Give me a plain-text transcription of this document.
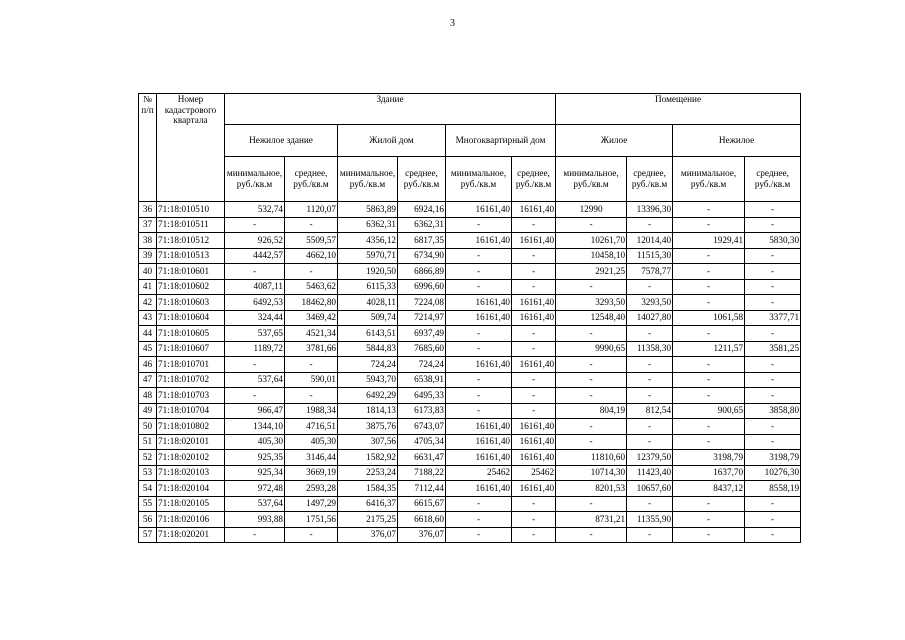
3
№ п/п	Номер кадастрового квартала	Здание						Помещение			
		Нежилое здание		Жилой дом		Многоквартирный дом		Жилое		Нежилое	
		минимальное, руб./кв.м	среднее, руб./кв.м	минимальное, руб./кв.м	среднее, руб./кв.м	минимальное, руб./кв.м	среднее, руб./кв.м	минимальное, руб./кв.м	среднее, руб./кв.м	минимальное, руб./кв.м	среднее, руб./кв.м
36	71:18:010510	532,74	1120,07	5863,89	6924,16	16161,40	16161,40	12990	13396,30	-	-
37	71:18:010511	-	-	6362,31	6362,31	-	-	-	-	-	-
38	71:18:010512	926,52	5509,57	4356,12	6817,35	16161,40	16161,40	10261,70	12014,40	1929,41	5830,30
39	71:18:010513	4442,57	4662,10	5970,71	6734,90	-	-	10458,10	11515,30	-	-
40	71:18:010601	-	-	1920,50	6866,89	-	-	2921,25	7578,77	-	-
41	71:18:010602	4087,11	5463,62	6115,33	6996,60	-	-	-	-	-	-
42	71:18:010603	6492,53	18462,80	4028,11	7224,08	16161,40	16161,40	3293,50	3293,50	-	-
43	71:18:010604	324,44	3469,42	509,74	7214,97	16161,40	16161,40	12548,40	14027,80	1061,58	3377,71
44	71:18:010605	537,65	4521,34	6143,51	6937,49	-	-	-	-	-	-
45	71:18:010607	1189,72	3781,66	5844,83	7685,60	-	-	9990,65	11358,30	1211,57	3581,25
46	71:18:010701	-	-	724,24	724,24	16161,40	16161,40	-	-	-	-
47	71:18:010702	537,64	590,01	5943,70	6538,91	-	-	-	-	-	-
48	71:18:010703	-	-	6492,29	6495,33	-	-	-	-	-	-
49	71:18:010704	966,47	1988,34	1814,13	6173,83	-	-	804,19	812,54	900,65	3858,80
50	71:18:010802	1344,10	4716,51	3875,76	6743,07	16161,40	16161,40	-	-	-	-
51	71:18:020101	405,30	405,30	307,56	4705,34	16161,40	16161,40	-	-	-	-
52	71:18:020102	925,35	3146,44	1582,92	6631,47	16161,40	16161,40	11810,60	12379,50	3198,79	3198,79
53	71:18:020103	925,34	3669,19	2253,24	7188,22	25462	25462	10714,30	11423,40	1637,70	10276,30
54	71:18:020104	972,48	2593,28	1584,35	7112,44	16161,40	16161,40	8201,53	10657,60	8437,12	8558,19
55	71:18:020105	537,64	1497,29	6416,37	6615,67	-	-	-	-	-	-
56	71:18:020106	993,88	1751,56	2175,25	6618,60	-	-	8731,21	11355,90	-	-
57	71:18:020201	-	-	376,07	376,07	-	-	-	-	-	-
